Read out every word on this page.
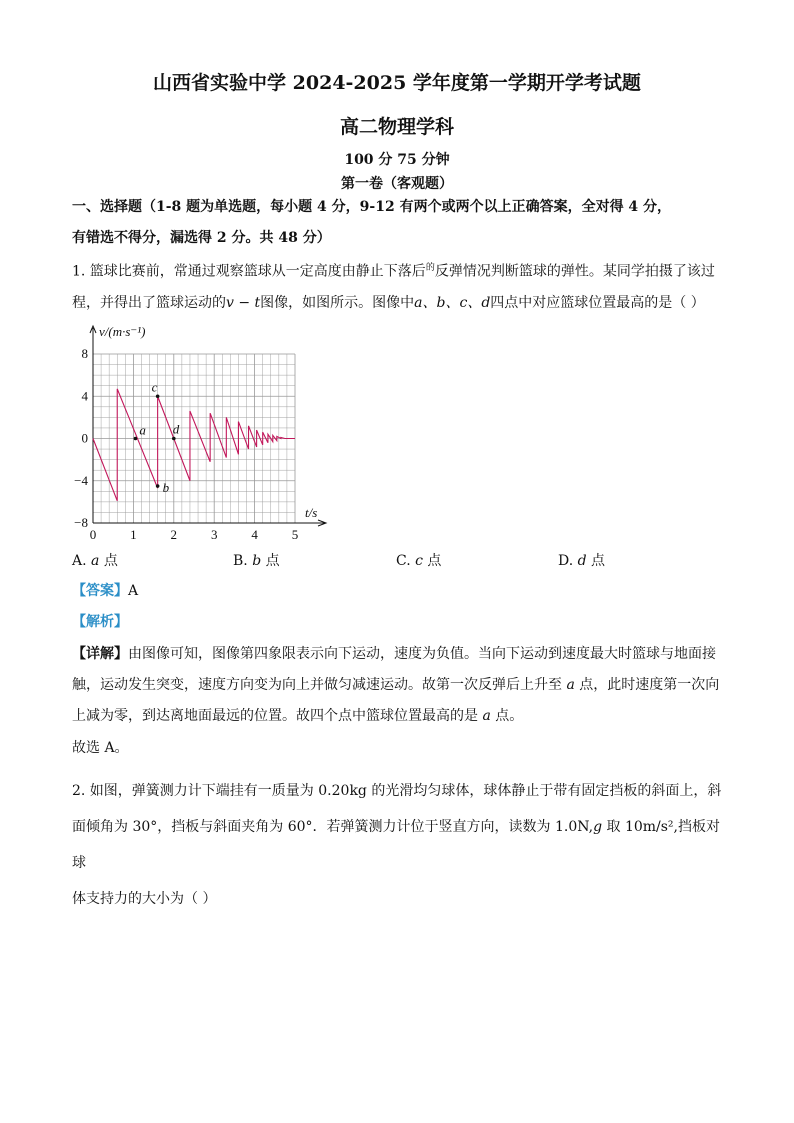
山西省实验中学 2024-2025 学年度第一学期开学考试题
高二物理学科
100 分 75 分钟
第一卷（客观题）
一、选择题（1-8 题为单选题，每小题 4 分，9-12 有两个或两个以上正确答案，全对得 4 分，
有错选不得分，漏选得 2 分。共 48 分）
1. 篮球比赛前，常通过观察篮球从一定高度由静止下落后$^的$反弹情况判断篮球的弹性。某同学拍摄了该过
程，并得出了篮球运动的v − t图像，如图所示。图像中a、b、c、d四点中对应篮球位置最高的是（ ）
0	1	2	3	4	5
8
4
0
−4
−8
a
b
c
d
v/(m·s⁻¹)
t/s
A. a 点	B. b 点	C. c 点	D. d 点
【答案】A
【解析】
【详解】由图像可知，图像第四象限表示向下运动，速度为负值。当向下运动到速度最大时篮球与地面接
触，运动发生突变，速度方向变为向上并做匀减速运动。故第一次反弹后上升至 a 点，此时速度第一次向
上减为零，到达离地面最远的位置。故四个点中篮球位置最高的是 a 点。
故选 A。
2. 如图，弹簧测力计下端挂有一质量为 0.20kg 的光滑均匀球体，球体静止于带有固定挡板的斜面上，斜
面倾角为 30°，挡板与斜面夹角为 60°．若弹簧测力计位于竖直方向，读数为 1.0N,g 取 10m/s²,挡板对球
体支持力的大小为（ ）
